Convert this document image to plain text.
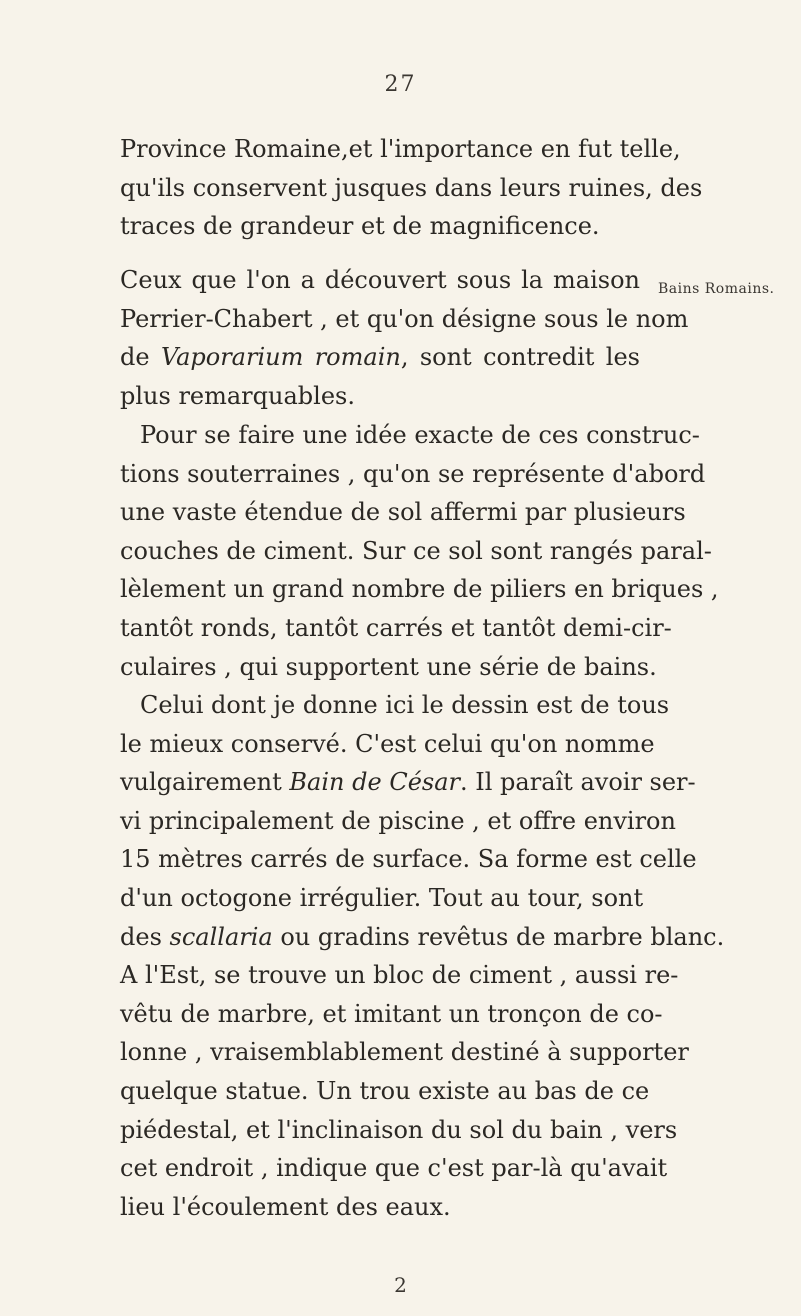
27
Bains Romains.
Province Romaine,et l'importance en fut telle,
qu'ils conservent jusques dans leurs ruines, des
traces de grandeur et de magnificence.
Ceux que l'on a découvert sous la maison
Perrier-Chabert , et qu'on désigne sous le nom
de Vaporarium romain, sont contredit les
plus remarquables.
Pour se faire une idée exacte de ces construc-
tions souterraines , qu'on se représente d'abord
une vaste étendue de sol affermi par plusieurs
couches de ciment. Sur ce sol sont rangés paral-
lèlement un grand nombre de piliers en briques ,
tantôt ronds, tantôt carrés et tantôt demi-cir-
culaires , qui supportent une série de bains.
Celui dont je donne ici le dessin est de tous
le mieux conservé. C'est celui qu'on nomme
vulgairement Bain de César. Il paraît avoir ser-
vi principalement de piscine , et offre environ
15 mètres carrés de surface. Sa forme est celle
d'un octogone irrégulier. Tout au tour, sont
des scallaria ou gradins revêtus de marbre blanc.
A l'Est, se trouve un bloc de ciment , aussi re-
vêtu de marbre, et imitant un tronçon de co-
lonne , vraisemblablement destiné à supporter
quelque statue. Un trou existe au bas de ce
piédestal, et l'inclinaison du sol du bain , vers
cet endroit , indique que c'est par-là qu'avait
lieu l'écoulement des eaux.
2
